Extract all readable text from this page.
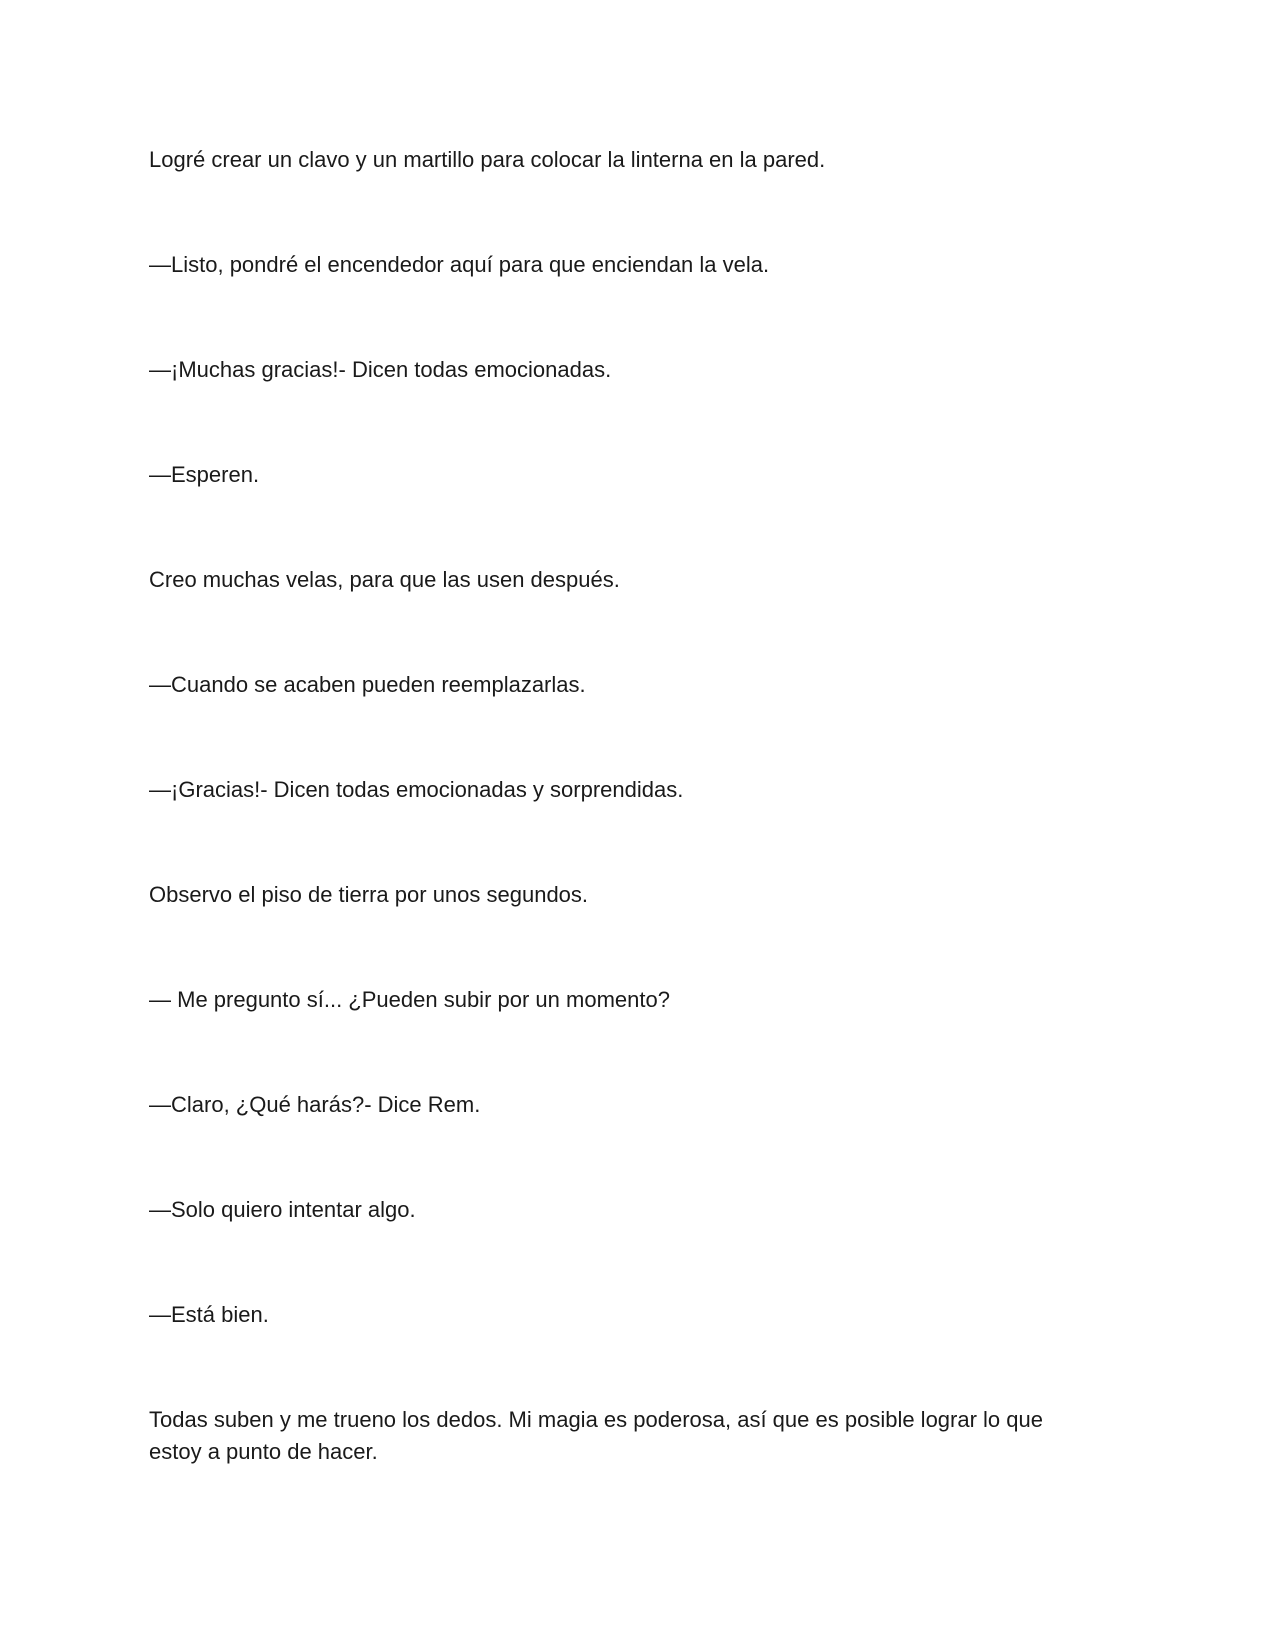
Logré crear un clavo y un martillo para colocar la linterna en la pared.

—Listo, pondré el encendedor aquí para que enciendan la vela.

—¡Muchas gracias!- Dicen todas emocionadas.

—Esperen.

Creo muchas velas, para que las usen después.

—Cuando se acaben pueden reemplazarlas.

—¡Gracias!- Dicen todas emocionadas y sorprendidas.

Observo el piso de tierra por unos segundos.

— Me pregunto sí... ¿Pueden subir por un momento?

—Claro, ¿Qué harás?- Dice Rem.

—Solo quiero intentar algo.

—Está bien.

Todas suben y me trueno los dedos. Mi magia es poderosa, así que es posible lograr lo que estoy a punto de hacer.
